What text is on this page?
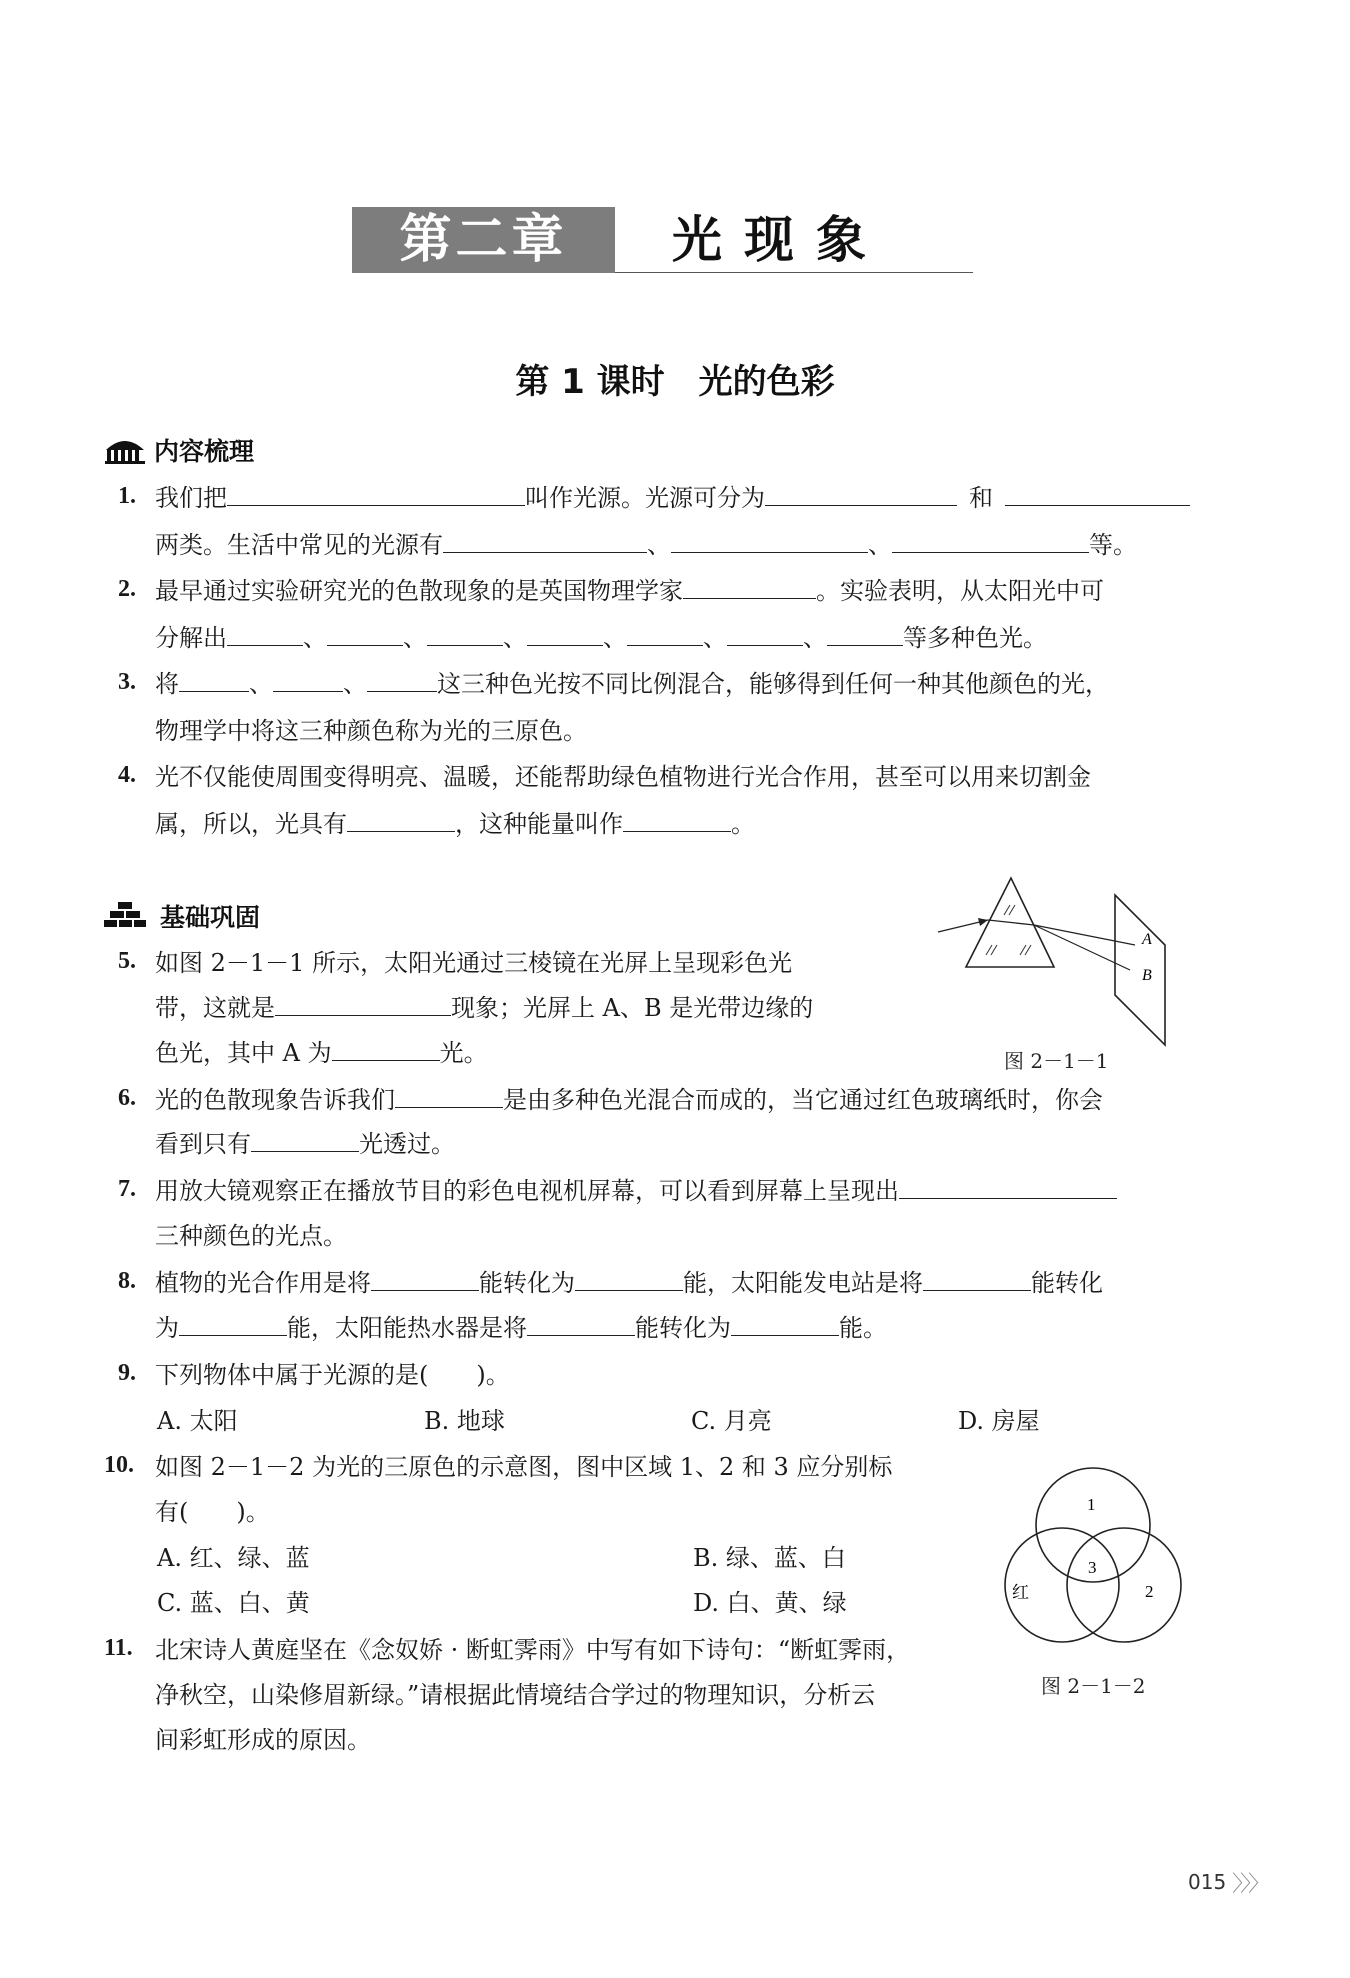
第二章	光现象
第 1 课时　光的色彩
内容梳理
1. 我们把	叫作光源。光源可分为	和
两类。生活中常见的光源有	、	、	等。
2. 最早通过实验研究光的色散现象的是英国物理学家	。实验表明，从太阳光中可
分解出	、	、	、	、	、	、	等多种色光。
3. 将	、	、	这三种色光按不同比例混合，能够得到任何一种其他颜色的光，
物理学中将这三种颜色称为光的三原色。
4. 光不仅能使周围变得明亮、温暖，还能帮助绿色植物进行光合作用，甚至可以用来切割金
属，所以，光具有	，这种能量叫作	。
基础巩固
A
B
图 2－1－1
5. 如图 2－1－1 所示，太阳光通过三棱镜在光屏上呈现彩色光
带，这就是	现象；光屏上 A、B 是光带边缘的
色光，其中 A 为	光。
6. 光的色散现象告诉我们	是由多种色光混合而成的，当它通过红色玻璃纸时，你会
看到只有	光透过。
7. 用放大镜观察正在播放节目的彩色电视机屏幕，可以看到屏幕上呈现出
三种颜色的光点。
8. 植物的光合作用是将	能转化为	能，太阳能发电站是将	能转化
为	能，太阳能热水器是将	能转化为	能。
9. 下列物体中属于光源的是(　　)。
A. 太阳	B. 地球	C. 月亮	D. 房屋
1
3
红	2
图 2－1－2
10. 如图 2－1－2 为光的三原色的示意图，图中区域 1、2 和 3 应分别标
有(　　)。
A. 红、绿、蓝	B. 绿、蓝、白
C. 蓝、白、黄	D. 白、黄、绿
11. 北宋诗人黄庭坚在《念奴娇 · 断虹霁雨》中写有如下诗句：“断虹霁雨，
净秋空，山染修眉新绿。”请根据此情境结合学过的物理知识，分析云
间彩虹形成的原因。
015 〉〉〉
